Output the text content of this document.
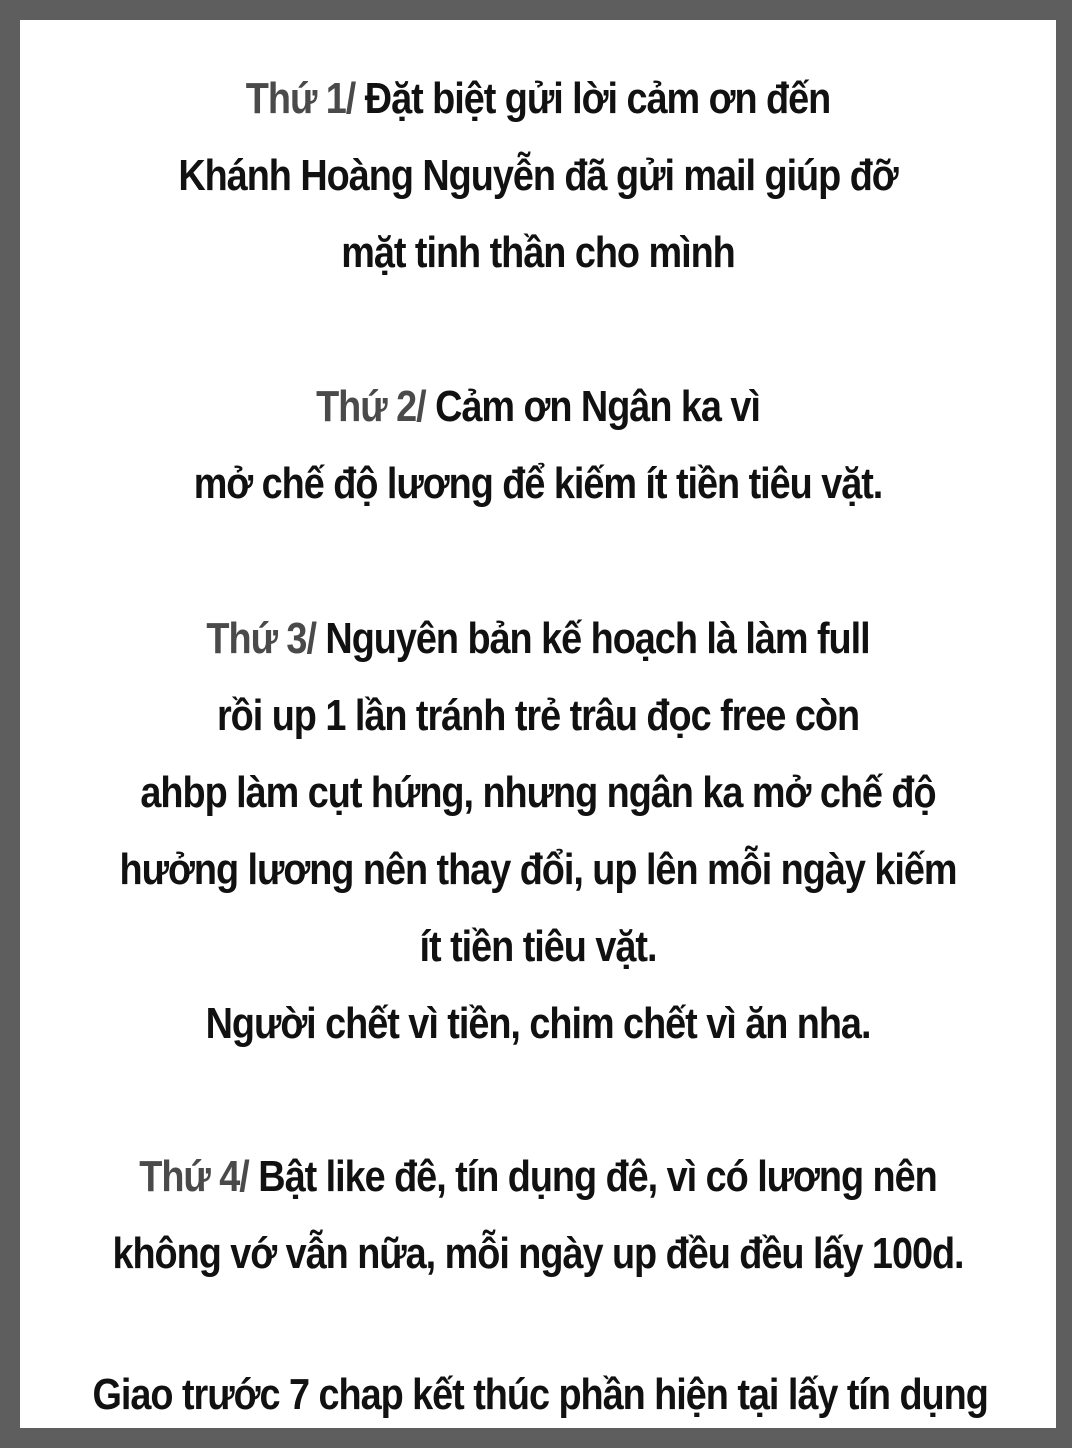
Thứ 1/ Đặt biệt gửi lời cảm ơn đến
Khánh Hoàng Nguyễn đã gửi mail giúp đỡ
mặt tinh thần cho mình
Thứ 2/ Cảm ơn Ngân ka vì
mở chế độ lương để kiếm ít tiền tiêu vặt.
Thứ 3/ Nguyên bản kế hoạch là làm full
rồi up 1 lần tránh trẻ trâu đọc free còn
ahbp làm cụt hứng, nhưng ngân ka mở chế độ
hưởng lương nên thay đổi, up lên mỗi ngày kiếm
ít tiền tiêu vặt.
Người chết vì tiền, chim chết vì ăn nha.
Thứ 4/ Bật like đê, tín dụng đê, vì có lương nên
không vớ vẫn nữa, mỗi ngày up đều đều lấy 100d.
Giao trước 7 chap kết thúc phần hiện tại lấy tín dụng
